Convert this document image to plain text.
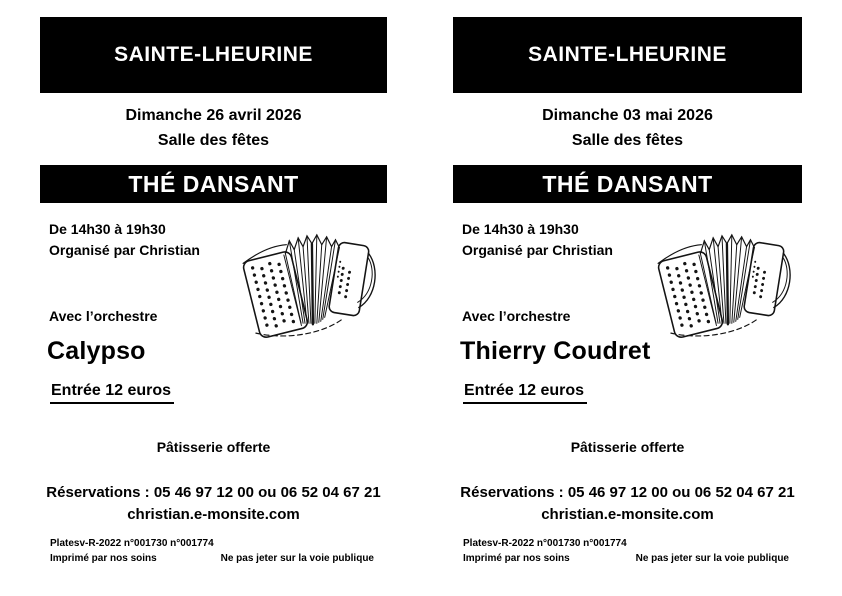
SAINTE-LHEURINE
Dimanche 26 avril 2026
Salle des fêtes
THÉ DANSANT
De 14h30 à 19h30
Organisé par Christian
Avec l’orchestre
Calypso
Entrée 12 euros
Pâtisserie offerte
Réservations : 05 46 97 12 00 ou 06 52 04 67 21
christian.e-monsite.com
Platesv-R-2022 n°001730 n°001774
Imprimé par nos soins	Ne pas jeter sur la voie publique
SAINTE-LHEURINE
Dimanche 03 mai 2026
Salle des fêtes
THÉ DANSANT
De 14h30 à 19h30
Organisé par Christian
Avec l’orchestre
Thierry Coudret
Entrée 12 euros
Pâtisserie offerte
Réservations : 05 46 97 12 00 ou 06 52 04 67 21
christian.e-monsite.com
Platesv-R-2022 n°001730 n°001774
Imprimé par nos soins	Ne pas jeter sur la voie publique
